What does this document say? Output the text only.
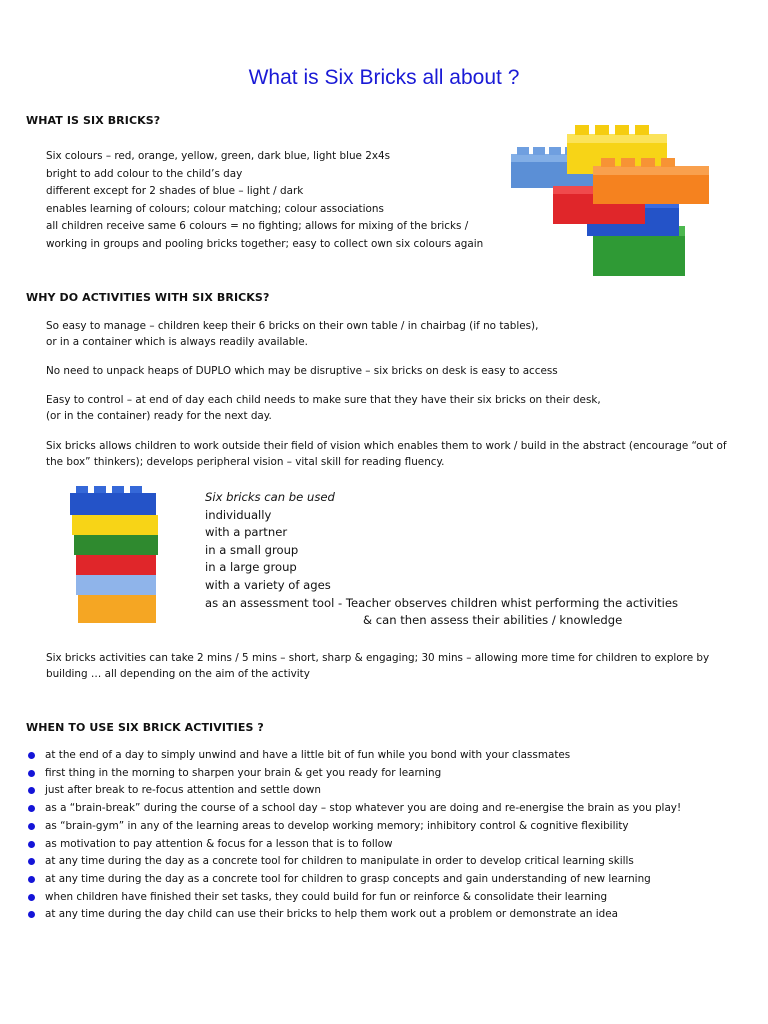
What is Six Bricks all about ?
WHAT IS SIX BRICKS?
Six colours – red, orange, yellow, green, dark blue, light blue 2x4s
bright to add colour to the child’s day
different except for 2 shades of blue – light / dark
enables learning of colours; colour matching; colour associations
all children receive same 6 colours = no fighting; allows for mixing of the bricks /
working in groups and pooling bricks together; easy to collect own six colours again
WHY DO ACTIVITIES WITH SIX BRICKS?
So easy to manage – children keep their 6 bricks on their own table / in chairbag (if no tables),
or in a container which is always readily available.
No need to unpack heaps of DUPLO which may be disruptive – six bricks on desk is easy to access
Easy to control – at end of day each child needs to make sure that they have their six bricks on their desk,
(or in the container) ready for the next day.
Six bricks allows children to work outside their field of vision which enables them to work / build in the abstract (encourage “out of
the box” thinkers); develops peripheral vision – vital skill for reading fluency.
Six bricks can be used
individually
with a partner
in a small group
in a large group
with a variety of ages
as an assessment tool - Teacher observes children whist performing the activities
& can then assess their abilities / knowledge
Six bricks activities can take 2 mins / 5 mins – short, sharp & engaging; 30 mins – allowing more time for children to explore by
building … all depending on the aim of the activity
WHEN TO USE SIX BRICK ACTIVITIES ?
at the end of a day to simply unwind and have a little bit of fun while you bond with your classmates
first thing in the morning to sharpen your brain & get you ready for learning
just after break to re-focus attention and settle down
as a “brain-break” during the course of a school day – stop whatever you are doing and re-energise the brain as you play!
as “brain-gym” in any of the learning areas to develop working memory; inhibitory control & cognitive flexibility
as motivation to pay attention & focus for a lesson that is to follow
at any time during the day as a concrete tool for children to manipulate in order to develop critical learning skills
at any time during the day as a concrete tool for children to grasp concepts and gain understanding of new learning
when children have finished their set tasks, they could build for fun or reinforce & consolidate their learning
at any time during the day child can use their bricks to help them work out a problem or demonstrate an idea
